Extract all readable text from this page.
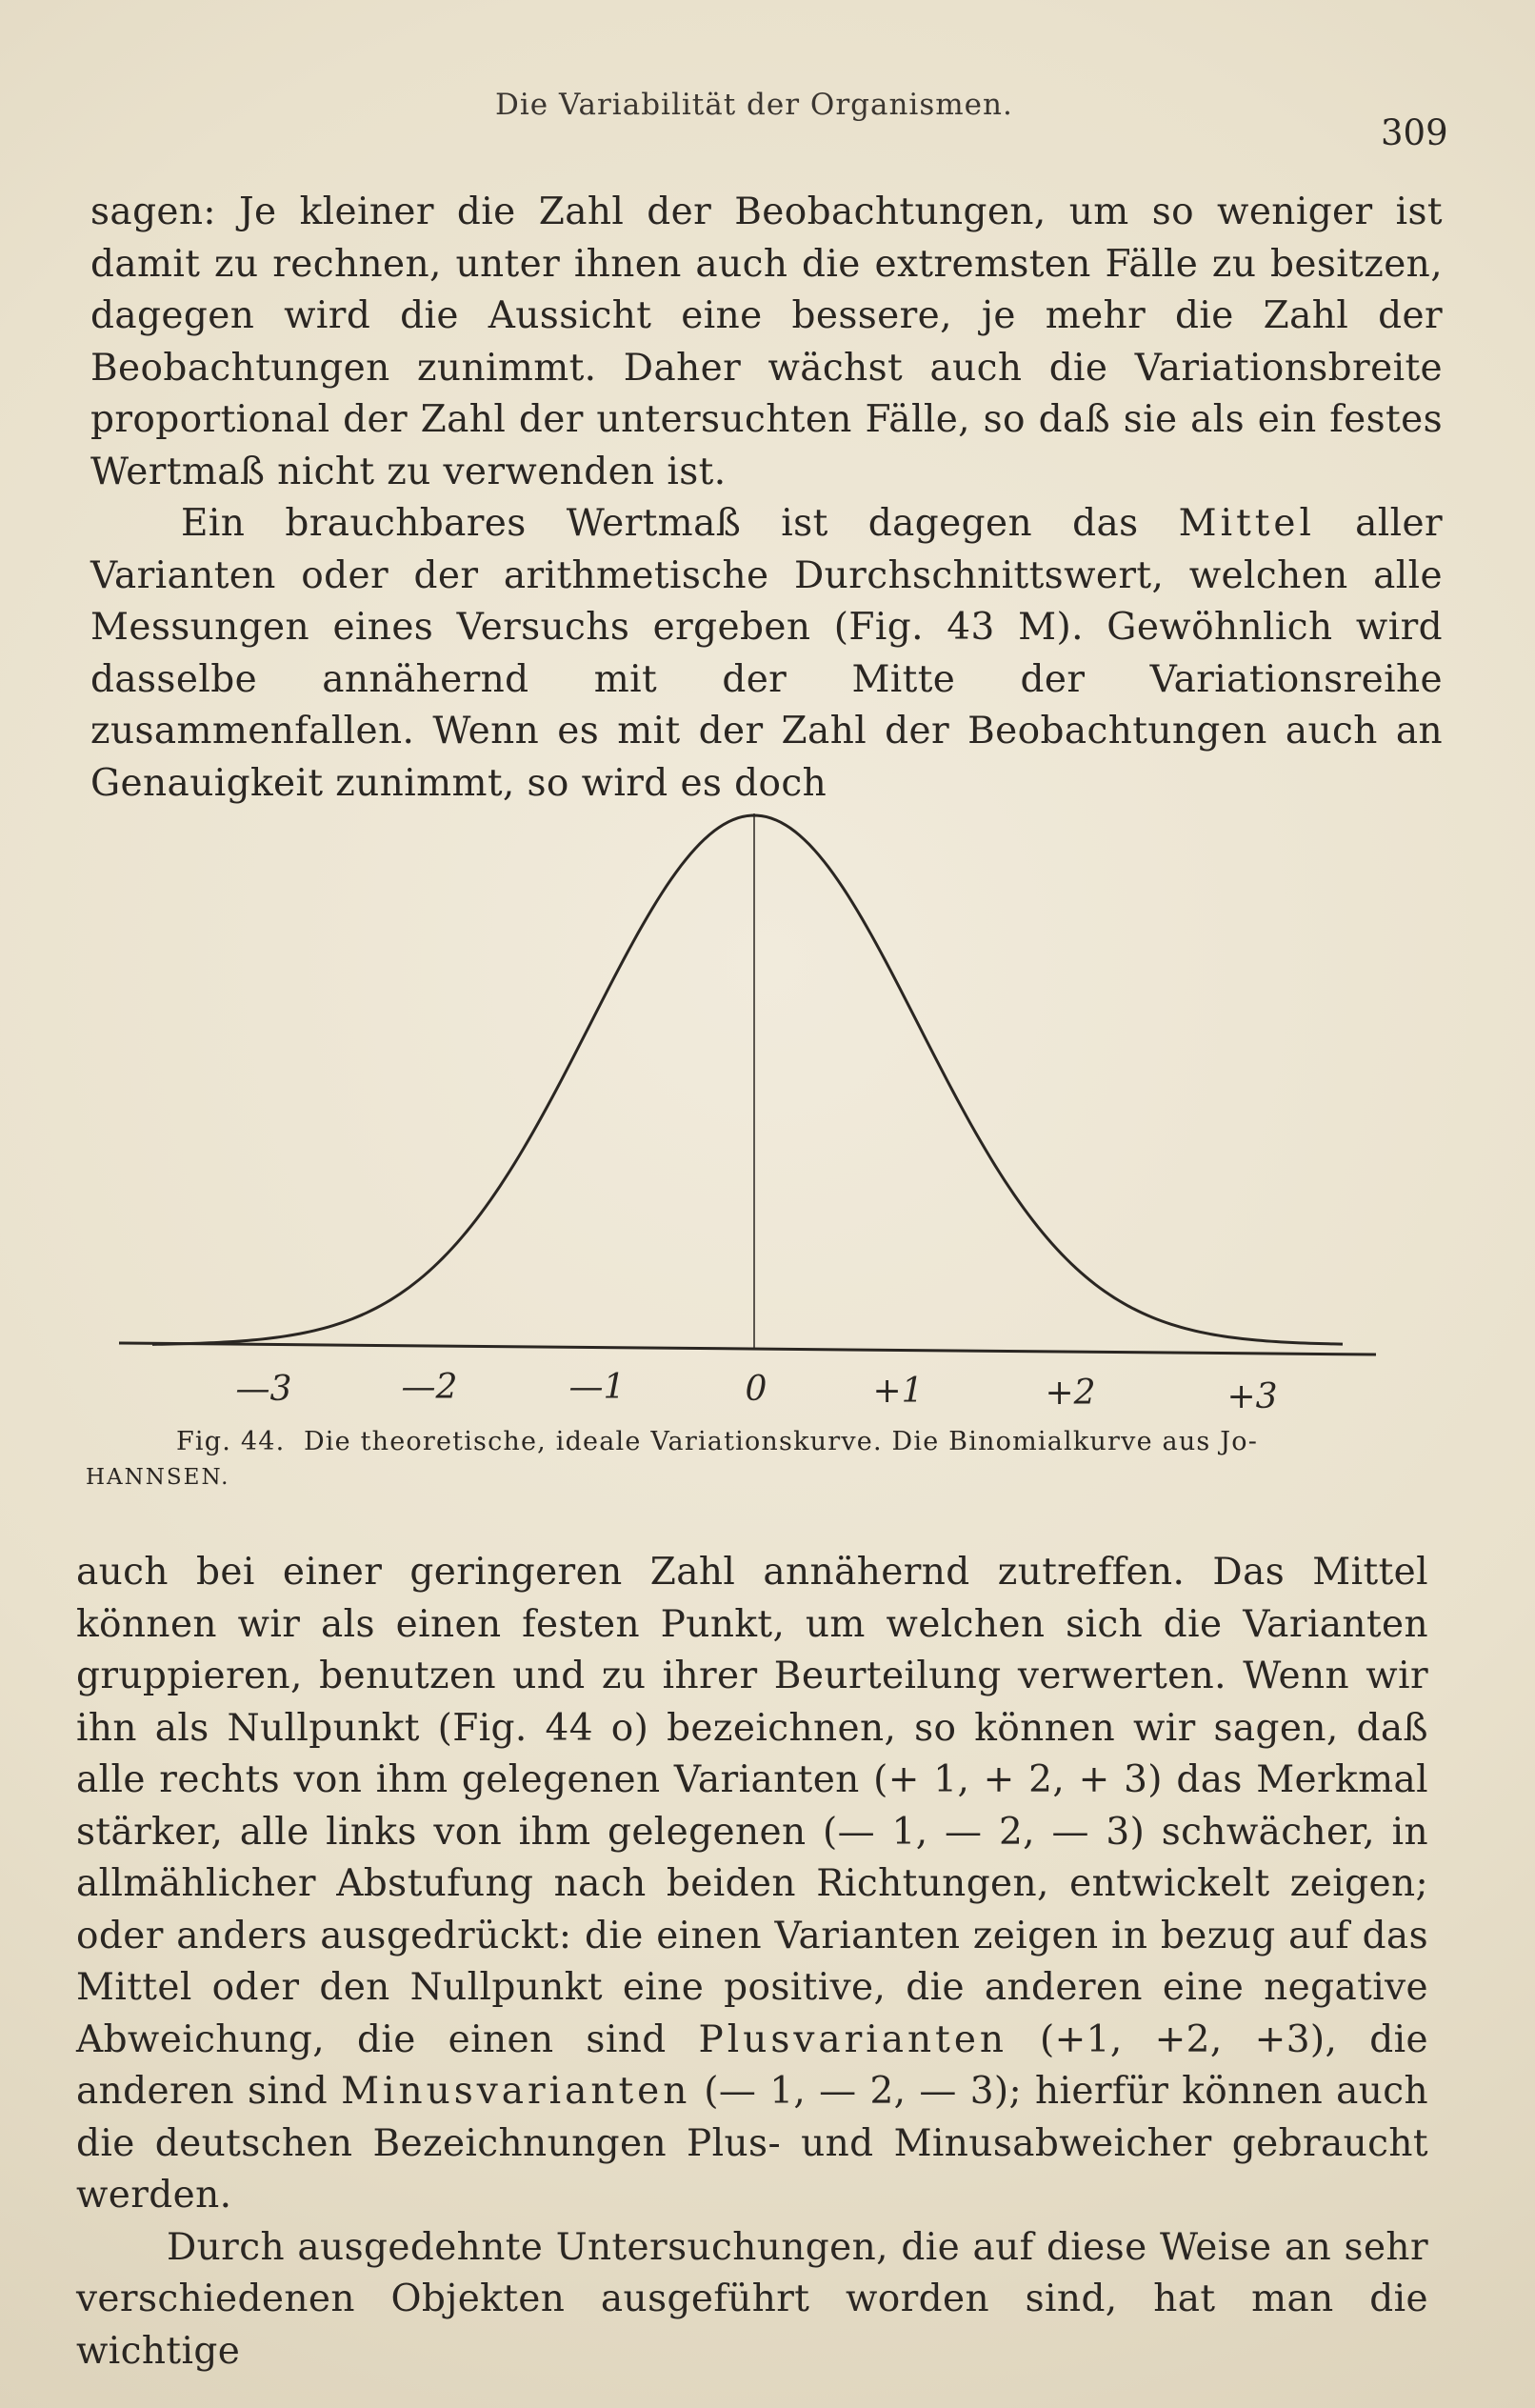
Die Variabilität der Organismen.
309

sagen: Je kleiner die Zahl der Beobachtungen, um so weniger ist damit zu rechnen, unter ihnen auch die extremsten Fälle zu besitzen, dagegen wird die Aussicht eine bessere, je mehr die Zahl der Beobachtungen zunimmt. Daher wächst auch die Variationsbreite proportional der Zahl der untersuchten Fälle, so daß sie als ein festes Wertmaß nicht zu verwenden ist.

Ein brauchbares Wertmaß ist dagegen das Mittel aller Varianten oder der arithmetische Durchschnittswert, welchen alle Messungen eines Versuchs ergeben (Fig. 43 M). Gewöhnlich wird dasselbe annähernd mit der Mitte der Variationsreihe zusammenfallen. Wenn es mit der Zahl der Beobachtungen auch an Genauigkeit zunimmt, so wird es doch

—3	—2	—1	0	+1	+2	+3
Fig. 44. Die theoretische, ideale Variationskurve. Die Binomialkurve aus Jo-
HANNSEN.

auch bei einer geringeren Zahl annähernd zutreffen. Das Mittel können wir als einen festen Punkt, um welchen sich die Varianten gruppieren, benutzen und zu ihrer Beurteilung verwerten. Wenn wir ihn als Nullpunkt (Fig. 44 o) bezeichnen, so können wir sagen, daß alle rechts von ihm gelegenen Varianten (+ 1, + 2, + 3) das Merkmal stärker, alle links von ihm gelegenen (— 1, — 2, — 3) schwächer, in allmählicher Abstufung nach beiden Richtungen, entwickelt zeigen; oder anders ausgedrückt: die einen Varianten zeigen in bezug auf das Mittel oder den Nullpunkt eine positive, die anderen eine negative Abweichung, die einen sind Plusvarianten (+1, +2, +3), die anderen sind Minusvarianten (— 1, — 2, — 3); hierfür können auch die deutschen Bezeichnungen Plus- und Minusabweicher gebraucht werden.

Durch ausgedehnte Untersuchungen, die auf diese Weise an sehr verschiedenen Objekten ausgeführt worden sind, hat man die wichtige
